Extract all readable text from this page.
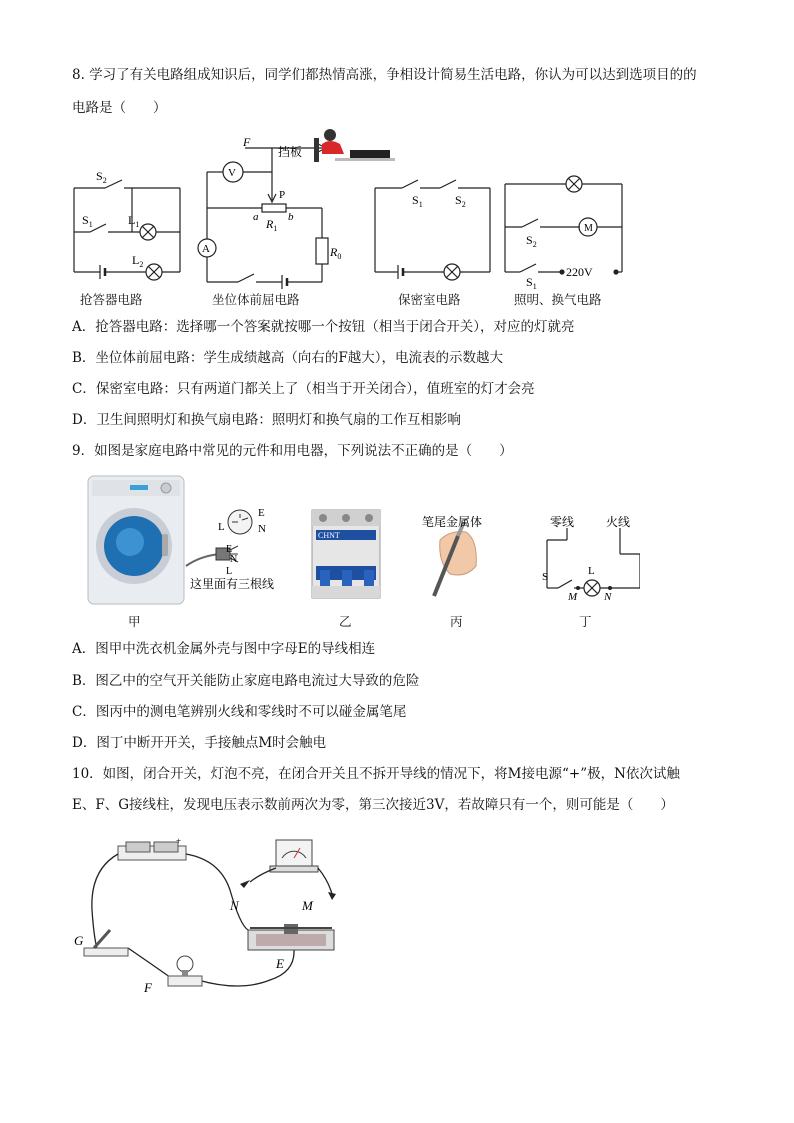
8. 学习了有关电路组成知识后，同学们都热情高涨，争相设计简易生活电路，你认为可以达到选项目的的
电路是（　　）
$S_2$
$S_1$	$L_1$
$L_2$
F
V
A
P
a	b
$R_1$
$R_0$
挡板
$S_1$	$S_2$
M
$S_2$
$S_1$
220V
抢答器电路	坐位体前屈电路	保密室电路	照明、换气电路
A．抢答器电路：选择哪一个答案就按哪一个按钮（相当于闭合开关），对应的灯就亮
B．坐位体前屈电路：学生成绩越高（向右的F越大），电流表的示数越大
C．保密室电路：只有两道门都关上了（相当于开关闭合），值班室的灯才会亮
D．卫生间照明灯和换气扇电路：照明灯和换气扇的工作互相影响
9．如图是家庭电路中常见的元件和用电器，下列说法不正确的是（　　）
L
E
N
E
N
L
这里面有三根线
CHNT
笔尾金属体	零线	火线
S	L
M N
甲	乙	丙	丁
A．图甲中洗衣机金属外壳与图中字母E的导线相连
B．图乙中的空气开关能防止家庭电路电流过大导致的危险
C．图丙中的测电笔辨别火线和零线时不可以碰金属笔尾
D．图丁中断开开关，手接触点M时会触电
10．如图，闭合开关，灯泡不亮，在闭合开关且不拆开导线的情况下，将M接电源“+”极，N依次试触
E、F、G接线柱，发现电压表示数前两次为零，第三次接近3V，若故障只有一个，则可能是（　　）
+
N	M
G
F
E
